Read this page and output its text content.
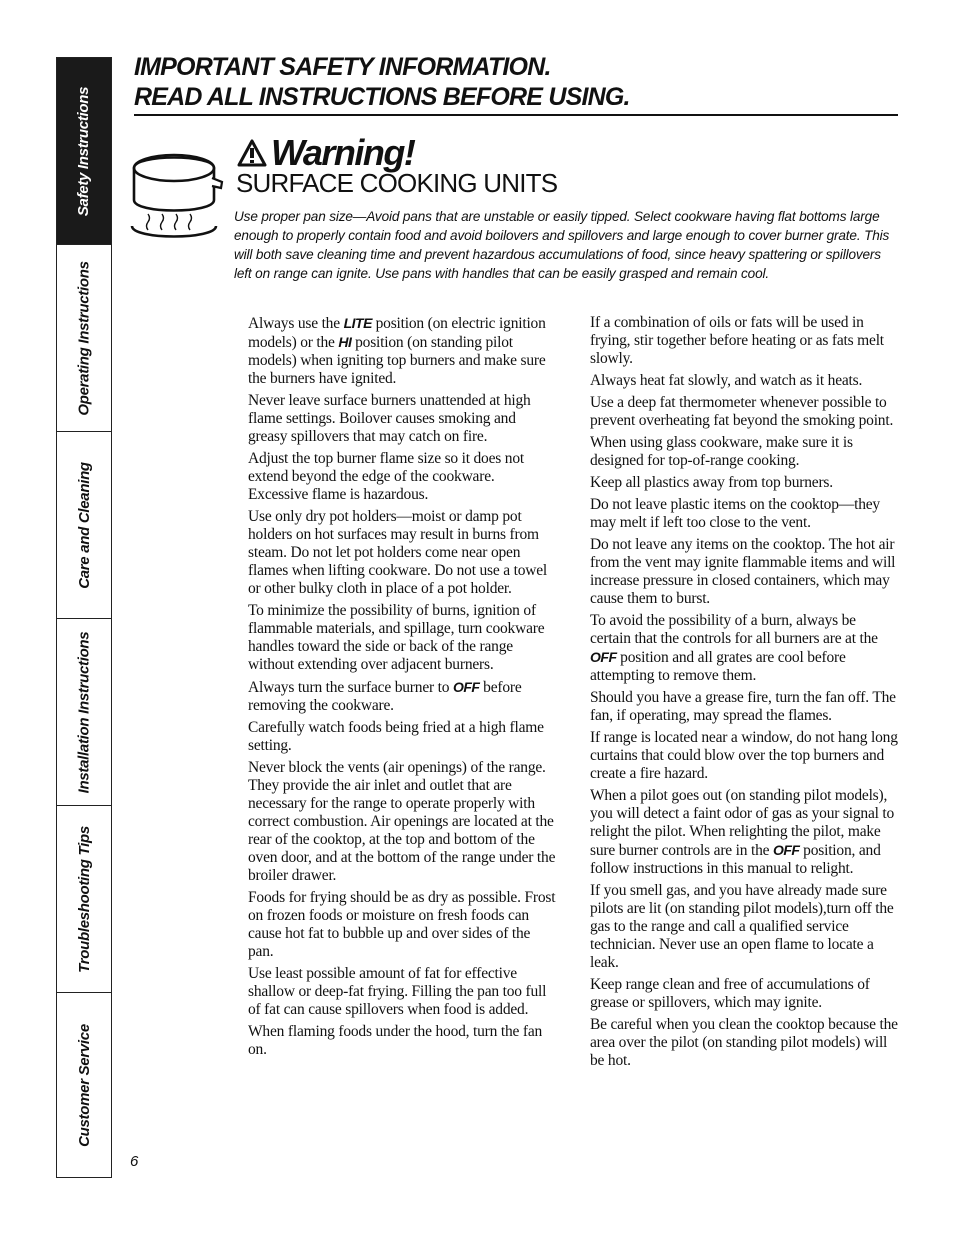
Safety Instructions
Operating Instructions
Care and Cleaning
Installation Instructions
Troubleshooting Tips
Customer Service
IMPORTANT SAFETY INFORMATION.
READ ALL INSTRUCTIONS BEFORE USING.
Warning!
SURFACE COOKING UNITS

Use proper pan size—Avoid pans that are unstable or easily tipped. Select cookware having flat bottoms large enough to properly contain food and avoid boilovers and spillovers and large enough to cover burner grate. This will both save cleaning time and prevent hazardous accumulations of food, since heavy spattering or spillovers left on range can ignite. Use pans with handles that can be easily grasped and remain cool.

Always use the LITE position (on electric ignition models) or the HI position (on standing pilot models) when igniting top burners and make sure the burners have ignited.

Never leave surface burners unattended at high flame settings. Boilover causes smoking and greasy spillovers that may catch on fire.

Adjust the top burner flame size so it does not extend beyond the edge of the cookware. Excessive flame is hazardous.

Use only dry pot holders—moist or damp pot holders on hot surfaces may result in burns from steam. Do not let pot holders come near open flames when lifting cookware. Do not use a towel or other bulky cloth in place of a pot holder.

To minimize the possibility of burns, ignition of flammable materials, and spillage, turn cookware handles toward the side or back of the range without extending over adjacent burners.

Always turn the surface burner to OFF before removing the cookware.

Carefully watch foods being fried at a high flame setting.

Never block the vents (air openings) of the range. They provide the air inlet and outlet that are necessary for the range to operate properly with correct combustion. Air openings are located at the rear of the cooktop, at the top and bottom of the oven door, and at the bottom of the range under the broiler drawer.

Foods for frying should be as dry as possible. Frost on frozen foods or moisture on fresh foods can cause hot fat to bubble up and over sides of the pan.

Use least possible amount of fat for effective shallow or deep-fat frying. Filling the pan too full of fat can cause spillovers when food is added.

When flaming foods under the hood, turn the fan on.

If a combination of oils or fats will be used in frying, stir together before heating or as fats melt slowly.

Always heat fat slowly, and watch as it heats.

Use a deep fat thermometer whenever possible to prevent overheating fat beyond the smoking point.

When using glass cookware, make sure it is designed for top-of-range cooking.

Keep all plastics away from top burners.

Do not leave plastic items on the cooktop—they may melt if left too close to the vent.

Do not leave any items on the cooktop. The hot air from the vent may ignite flammable items and will increase pressure in closed containers, which may cause them to burst.

To avoid the possibility of a burn, always be certain that the controls for all burners are at the OFF position and all grates are cool before attempting to remove them.

Should you have a grease fire, turn the fan off. The fan, if operating, may spread the flames.

If range is located near a window, do not hang long curtains that could blow over the top burners and create a fire hazard.

When a pilot goes out (on standing pilot models), you will detect a faint odor of gas as your signal to relight the pilot. When relighting the pilot, make sure burner controls are in the OFF position, and follow instructions in this manual to relight.

If you smell gas, and you have already made sure pilots are lit (on standing pilot models),turn off the gas to the range and call a qualified service technician. Never use an open flame to locate a leak.

Keep range clean and free of accumulations of grease or spillovers, which may ignite.

Be careful when you clean the cooktop because the area over the pilot (on standing pilot models) will be hot.

6
